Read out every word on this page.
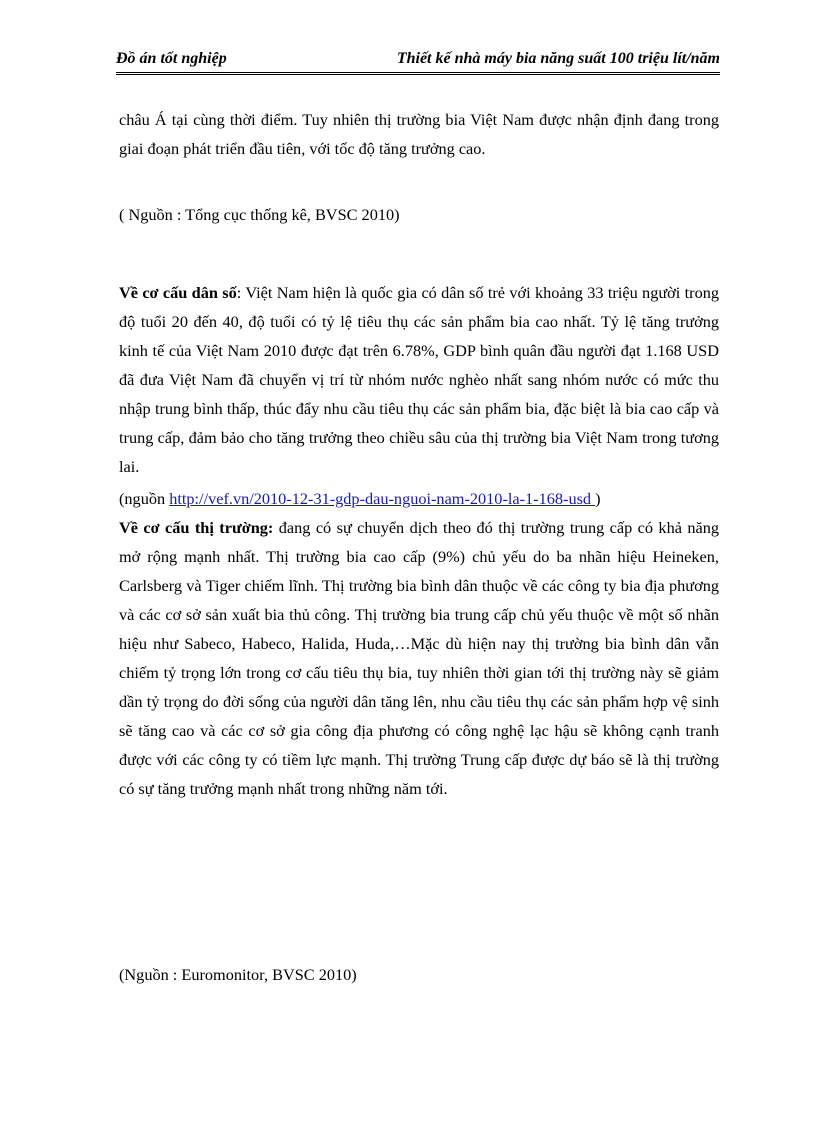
Đồ án tốt nghiệp	Thiết kế nhà máy bia năng suất 100 triệu lít/năm

châu Á tại cùng thời điểm. Tuy nhiên thị trường bia Việt Nam được nhận định đang trong giai đoạn phát triển đầu tiên, với tốc độ tăng trưởng cao.

( Nguồn : Tổng cục thống kê, BVSC 2010)

Về cơ cấu dân số: Việt Nam hiện là quốc gia có dân số trẻ với khoảng 33 triệu người trong độ tuổi 20 đến 40, độ tuổi có tỷ lệ tiêu thụ các sản phẩm bia cao nhất. Tỷ lệ tăng trưởng kinh tế của Việt Nam 2010 được đạt trên 6.78%, GDP bình quân đầu người đạt 1.168 USD đã đưa Việt Nam đã chuyển vị trí từ nhóm nước nghèo nhất sang nhóm nước có mức thu nhập trung bình thấp, thúc đẩy nhu cầu tiêu thụ các sản phẩm bia, đặc biệt là bia cao cấp và trung cấp, đảm bảo cho tăng trưởng theo chiều sâu của thị trường bia Việt Nam trong tương lai.

(nguồn http://vef.vn/2010-12-31-gdp-dau-nguoi-nam-2010-la-1-168-usd )

Về cơ cấu thị trường: đang có sự chuyển dịch theo đó thị trường trung cấp có khả năng mở rộng mạnh nhất. Thị trường bia cao cấp (9%) chủ yếu do ba nhãn hiệu Heineken, Carlsberg và Tiger chiếm lĩnh. Thị trường bia bình dân thuộc về các công ty bia địa phương và các cơ sở sản xuất bia thủ công. Thị trường bia trung cấp chủ yếu thuộc về một số nhãn hiệu như Sabeco, Habeco, Halida, Huda,…Mặc dù hiện nay thị trường bia bình dân vẫn chiếm tỷ trọng lớn trong cơ cấu tiêu thụ bia, tuy nhiên thời gian tới thị trường này sẽ giảm dần tỷ trọng do đời sống của người dân tăng lên, nhu cầu tiêu thụ các sản phẩm hợp vệ sinh sẽ tăng cao và các cơ sở gia công địa phương có công nghệ lạc hậu sẽ không cạnh tranh được với các công ty có tiềm lực mạnh. Thị trường Trung cấp được dự báo sẽ là thị trường có sự tăng trưởng mạnh nhất trong những năm tới.

(Nguồn : Euromonitor, BVSC 2010)
